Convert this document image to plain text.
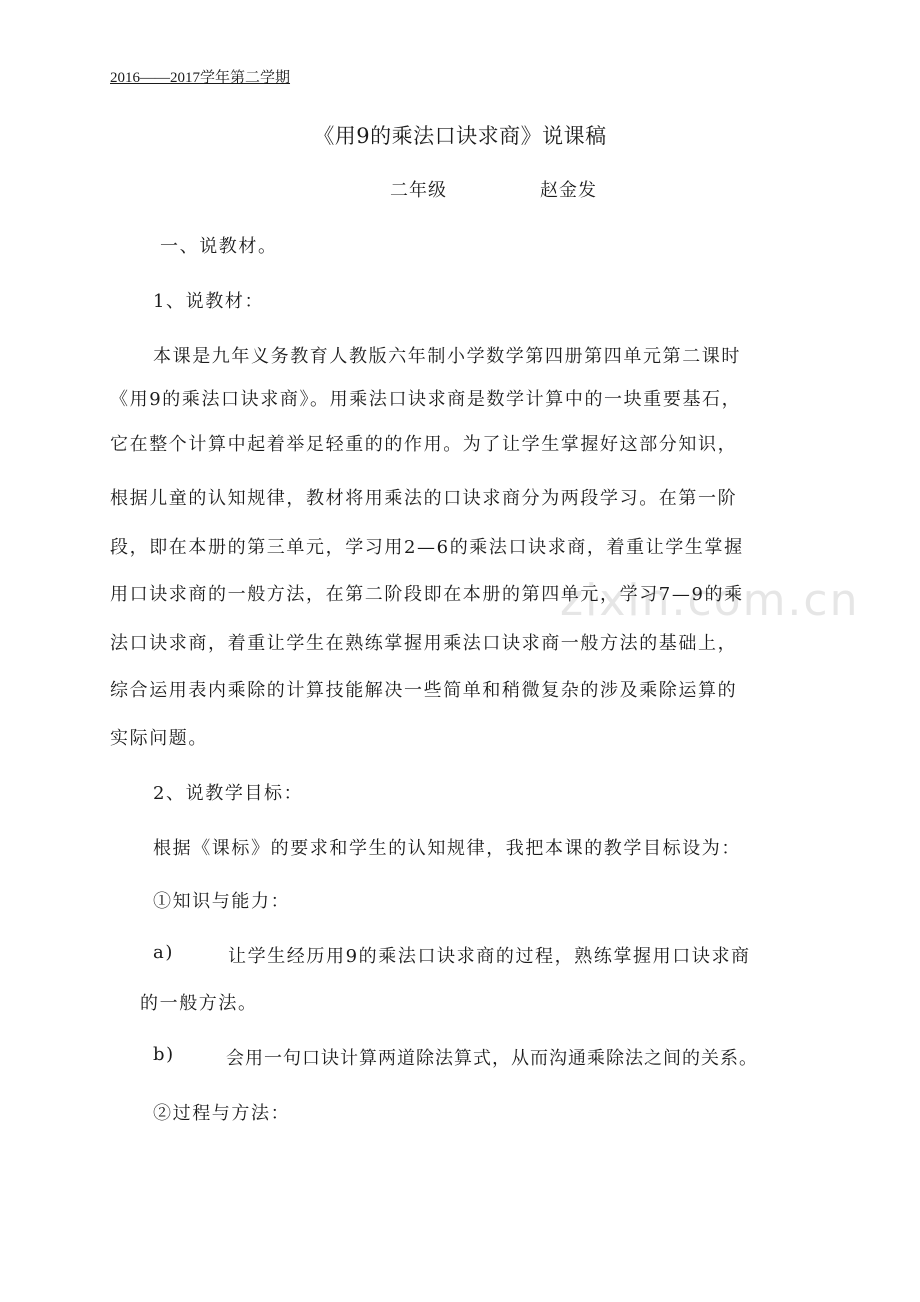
zixin.com.cn
2016——2017学年第二学期
《用9的乘法口诀求商》说课稿
二年级	赵金发
一、说教材。
1、说教材：
本课是九年义务教育人教版六年制小学数学第四册第四单元第二课时
《用9的乘法口诀求商》。用乘法口诀求商是数学计算中的一块重要基石，
它在整个计算中起着举足轻重的的作用。为了让学生掌握好这部分知识，
根据儿童的认知规律，教材将用乘法的口诀求商分为两段学习。在第一阶
段，即在本册的第三单元，学习用2—6的乘法口诀求商，着重让学生掌握
用口诀求商的一般方法，在第二阶段即在本册的第四单元，学习7—9的乘
法口诀求商，着重让学生在熟练掌握用乘法口诀求商一般方法的基础上，
综合运用表内乘除的计算技能解决一些简单和稍微复杂的涉及乘除运算的
实际问题。
2、说教学目标：
根据《课标》的要求和学生的认知规律，我把本课的教学目标设为：
①知识与能力：
a)	让学生经历用9的乘法口诀求商的过程，熟练掌握用口诀求商
的一般方法。
b)	会用一句口诀计算两道除法算式，从而沟通乘除法之间的关系。
②过程与方法：
